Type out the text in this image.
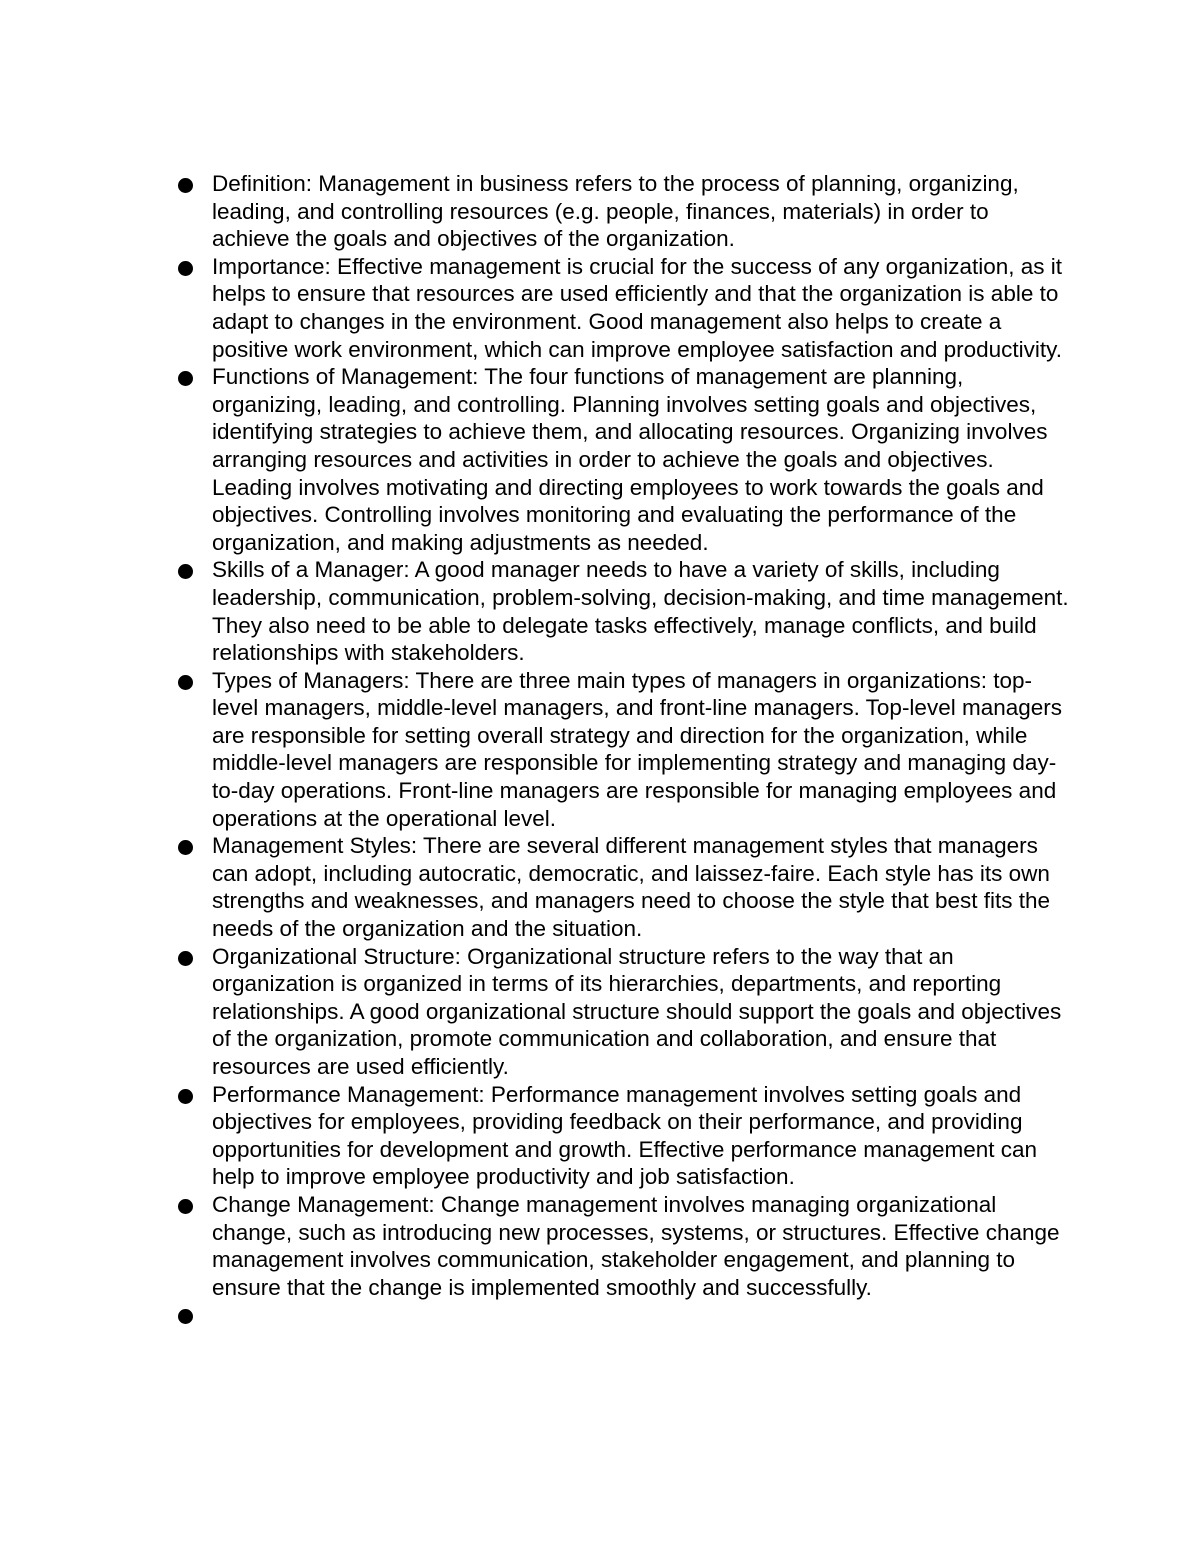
Definition: Management in business refers to the process of planning, organizing, leading, and controlling resources (e.g. people, finances, materials) in order to achieve the goals and objectives of the organization.
Importance: Effective management is crucial for the success of any organization, as it helps to ensure that resources are used efficiently and that the organization is able to adapt to changes in the environment. Good management also helps to create a positive work environment, which can improve employee satisfaction and productivity.
Functions of Management: The four functions of management are planning, organizing, leading, and controlling. Planning involves setting goals and objectives, identifying strategies to achieve them, and allocating resources. Organizing involves arranging resources and activities in order to achieve the goals and objectives. Leading involves motivating and directing employees to work towards the goals and objectives. Controlling involves monitoring and evaluating the performance of the organization, and making adjustments as needed.
Skills of a Manager: A good manager needs to have a variety of skills, including leadership, communication, problem-solving, decision-making, and time management. They also need to be able to delegate tasks effectively, manage conflicts, and build relationships with stakeholders.
Types of Managers: There are three main types of managers in organizations: top-level managers, middle-level managers, and front-line managers. Top-level managers are responsible for setting overall strategy and direction for the organization, while middle-level managers are responsible for implementing strategy and managing day-to-day operations. Front-line managers are responsible for managing employees and operations at the operational level.
Management Styles: There are several different management styles that managers can adopt, including autocratic, democratic, and laissez-faire. Each style has its own strengths and weaknesses, and managers need to choose the style that best fits the needs of the organization and the situation.
Organizational Structure: Organizational structure refers to the way that an organization is organized in terms of its hierarchies, departments, and reporting relationships. A good organizational structure should support the goals and objectives of the organization, promote communication and collaboration, and ensure that resources are used efficiently.
Performance Management: Performance management involves setting goals and objectives for employees, providing feedback on their performance, and providing opportunities for development and growth. Effective performance management can help to improve employee productivity and job satisfaction.
Change Management: Change management involves managing organizational change, such as introducing new processes, systems, or structures. Effective change management involves communication, stakeholder engagement, and planning to ensure that the change is implemented smoothly and successfully.
